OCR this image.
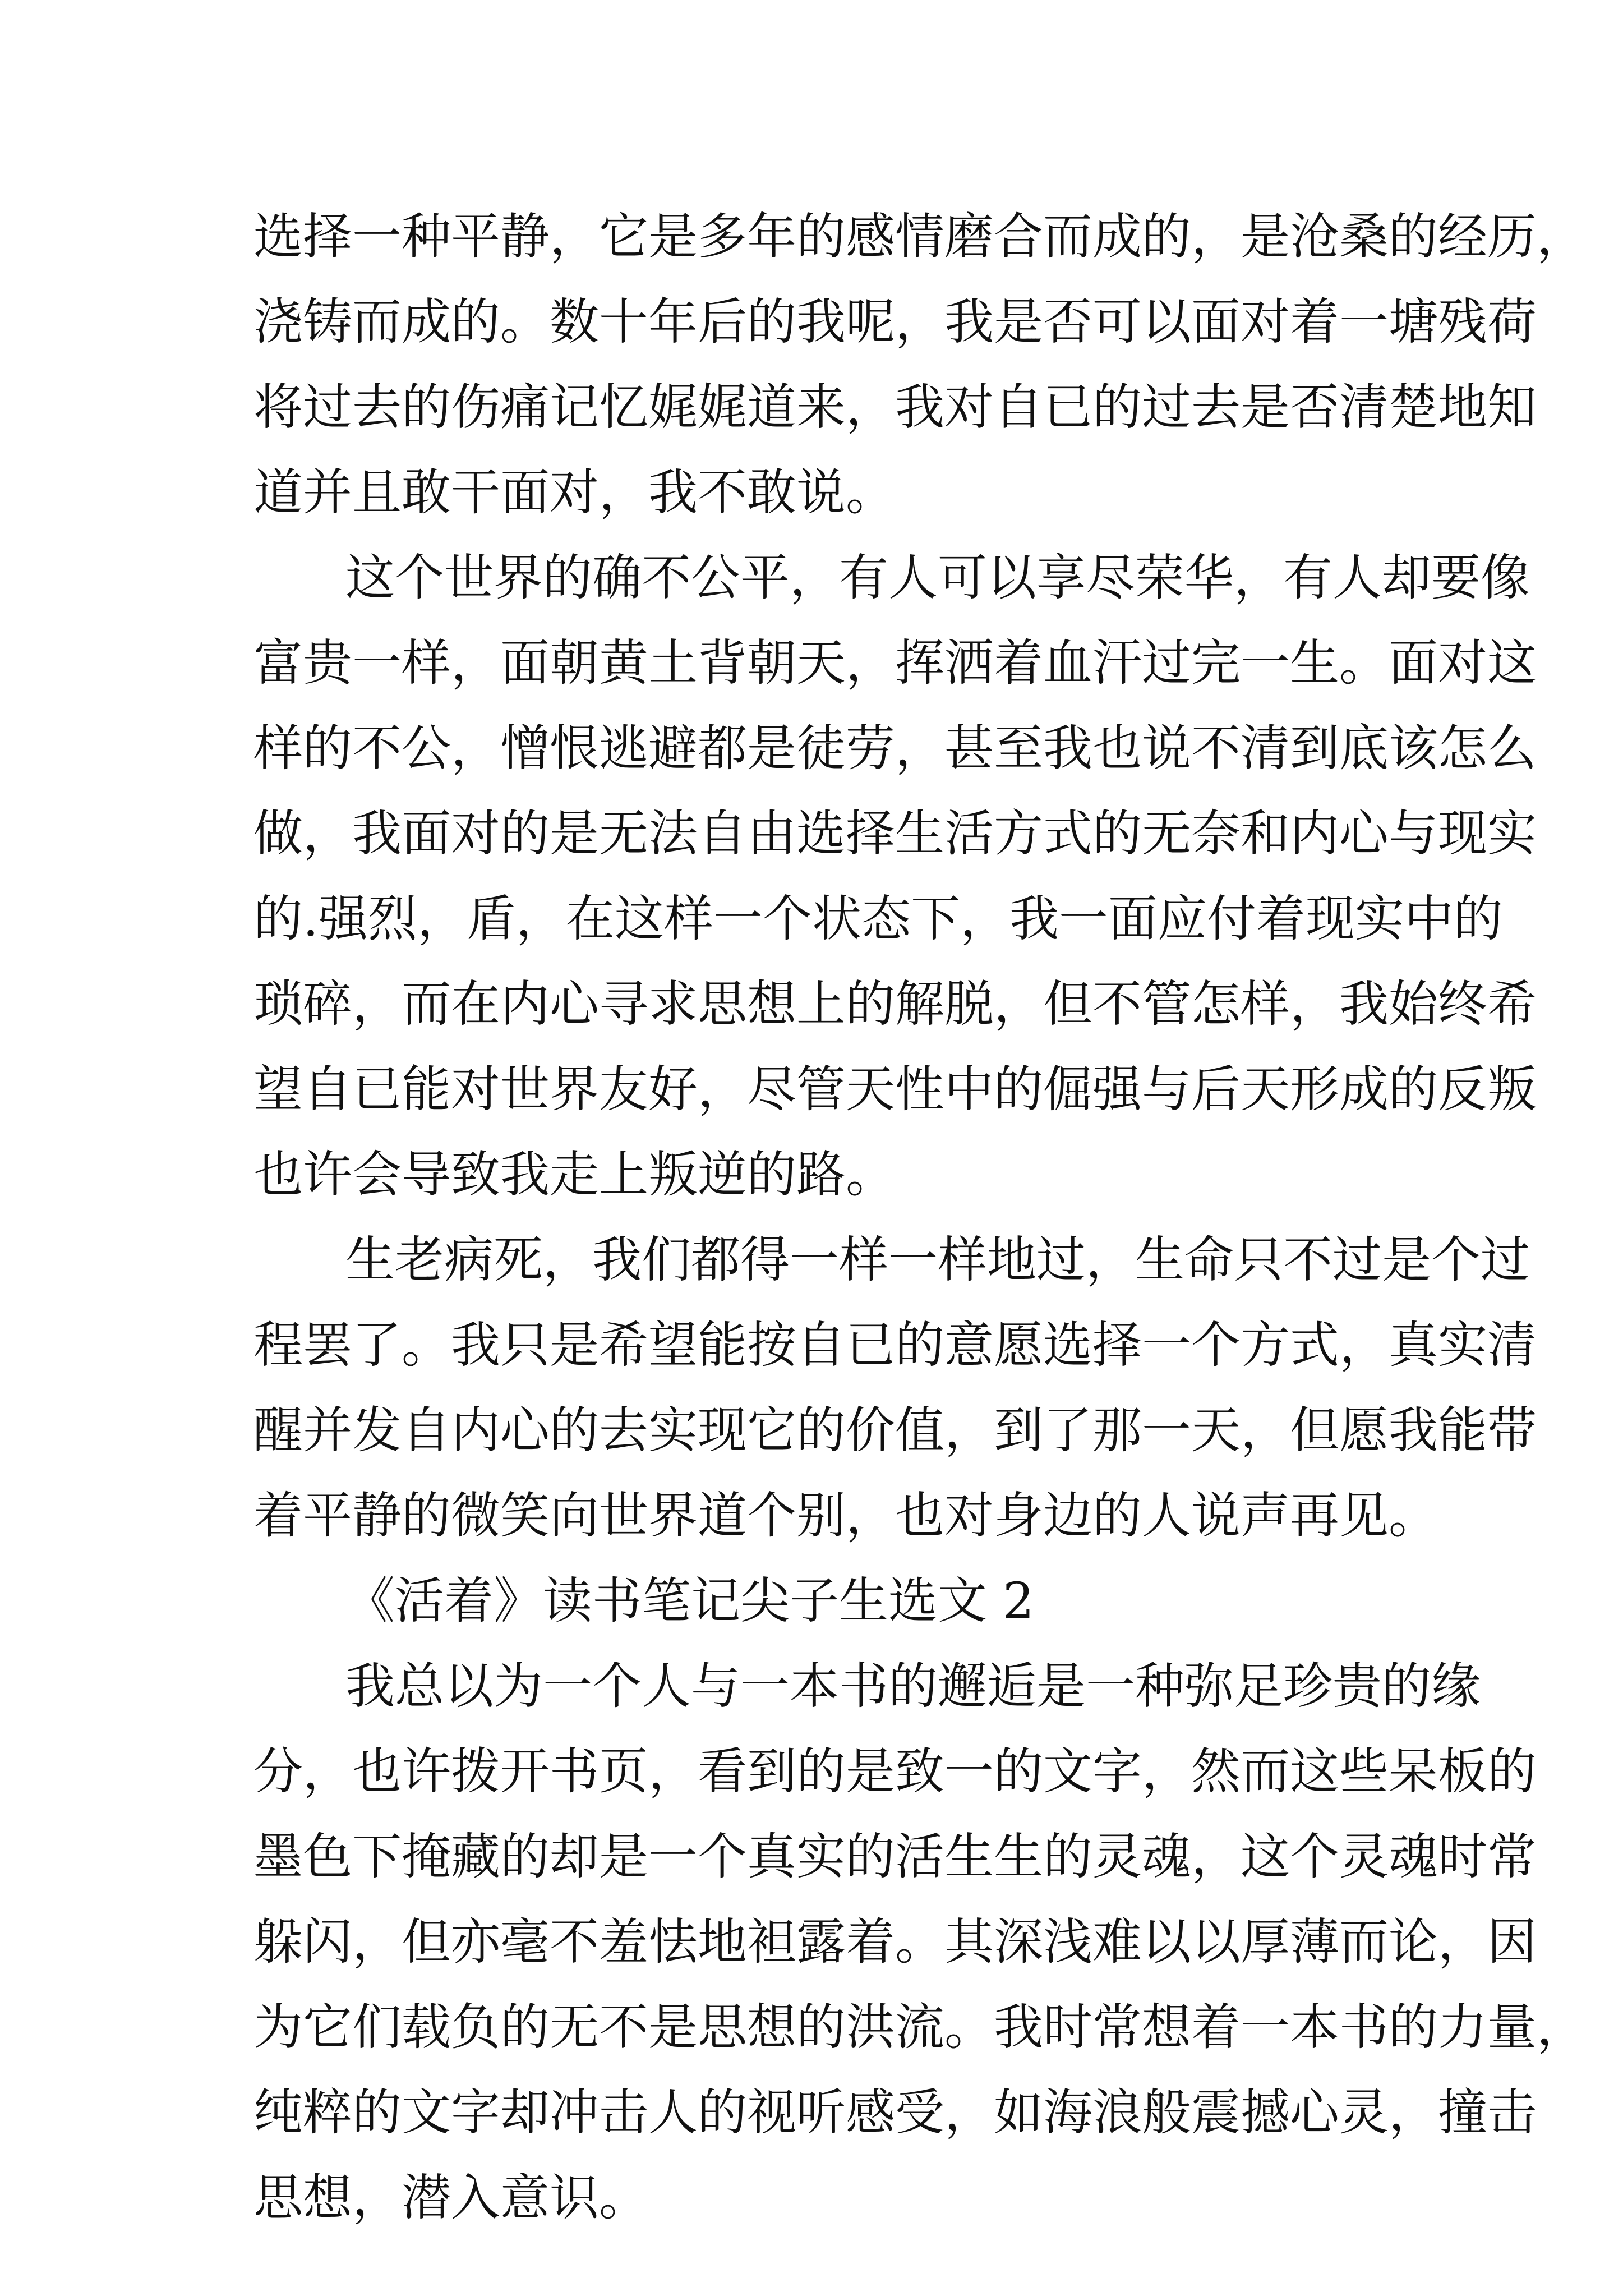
选择一种平静，它是多年的感情磨合而成的，是沧桑的经历，
浇铸而成的。数十年后的我呢，我是否可以面对着一塘残荷
将过去的伤痛记忆娓娓道来，我对自已的过去是否清楚地知
道并且敢干面对，我不敢说。
这个世界的确不公平，有人可以享尽荣华，有人却要像
富贵一样，面朝黄土背朝天，挥洒着血汗过完一生。面对这
样的不公，憎恨逃避都是徒劳，甚至我也说不清到底该怎么
做，我面对的是无法自由选择生活方式的无奈和内心与现实
的.强烈，盾，在这样一个状态下，我一面应付着现实中的
琐碎，而在内心寻求思想上的解脱，但不管怎样，我始终希
望自已能对世界友好，尽管天性中的倔强与后天形成的反叛
也许会导致我走上叛逆的路。
生老病死，我们都得一样一样地过，生命只不过是个过
程罢了。我只是希望能按自已的意愿选择一个方式，真实清
醒并发自内心的去实现它的价值，到了那一天，但愿我能带
着平静的微笑向世界道个别，也对身边的人说声再见。
《活着》读书笔记尖子生选文 2
我总以为一个人与一本书的邂逅是一种弥足珍贵的缘
分，也许拨开书页，看到的是致一的文字，然而这些呆板的
墨色下掩藏的却是一个真实的活生生的灵魂，这个灵魂时常
躲闪，但亦毫不羞怯地袒露着。其深浅难以以厚薄而论，因
为它们载负的无不是思想的洪流。我时常想着一本书的力量，
纯粹的文字却冲击人的视听感受，如海浪般震撼心灵，撞击
思想，潜入意识。
